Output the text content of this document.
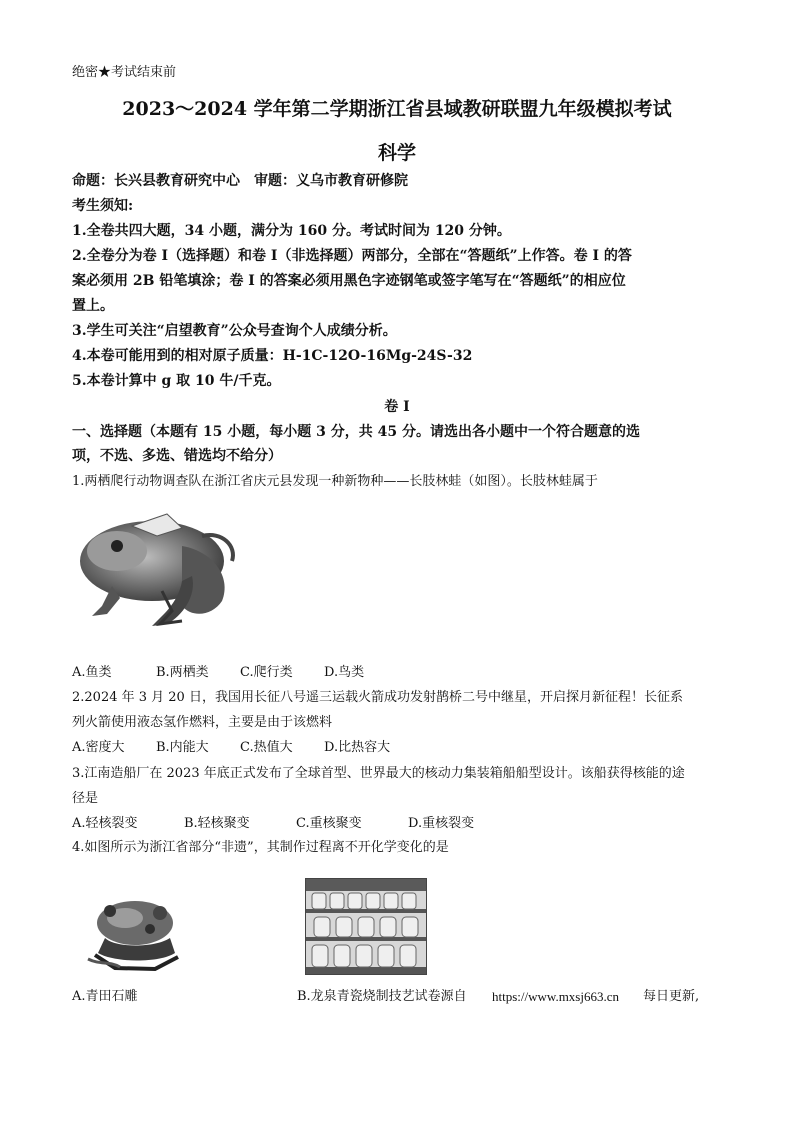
绝密★考试结束前
2023～2024 学年第二学期浙江省县域教研联盟九年级模拟考试
科学
命题：长兴县教育研究中心　审题：义乌市教育研修院
考生须知:
1.全卷共四大题，34 小题，满分为 160 分。考试时间为 120 分钟。
2.全卷分为卷 I（选择题）和卷 I（非选择题）两部分，全部在“答题纸”上作答。卷 I 的答
案必须用 2B 铅笔填涂；卷 I 的答案必须用黑色字迹钢笔或签字笔写在“答题纸”的相应位
置上。
3.学生可关注“启望教育”公众号查询个人成绩分析。
4.本卷可能用到的相对原子质量：H-1C-12O-16Mg-24S-32
5.本卷计算中 g 取 10 牛/千克。
卷 I
一、选择题（本题有 15 小题，每小题 3 分，共 45 分。请选出各小题中一个符合题意的选
项，不选、多选、错选均不给分）
1.两栖爬行动物调查队在浙江省庆元县发现一种新物种——长肢林蛙（如图）。长肢林蛙属于
A.鱼类	B.两栖类 C.爬行类 D.鸟类
2.2024 年 3 月 20 日，我国用长征八号遥三运载火箭成功发射鹊桥二号中继星，开启探月新征程！长征系
列火箭使用液态氢作燃料，主要是由于该燃料
A.密度大 B.内能大 C.热值大 D.比热容大
3.江南造船厂在 2023 年底正式发布了全球首型、世界最大的核动力集装箱船船型设计。该船获得核能的途
径是
A.轻核裂变	B.轻核聚变	C.重核聚变	D.重核裂变
4.如图所示为浙江省部分“非遗”，其制作过程离不开化学变化的是
A.青田石雕	B.龙泉青瓷烧制技艺试卷源自 https://www.mxsj663.cn 每日更新,
